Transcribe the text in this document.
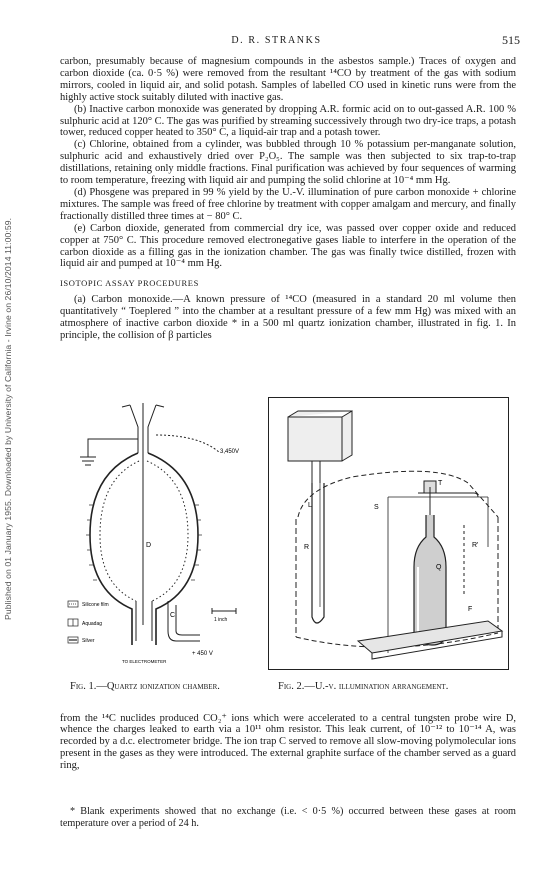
Published on 01 January 1955. Downloaded by University of California - Irvine on 26/10/2014 11:00:59.
D. R. STRANKS	515

carbon, presumably because of magnesium compounds in the asbestos sample.) Traces of oxygen and carbon dioxide (ca. 0·5 %) were removed from the resultant ¹⁴CO by treatment of the gas with sodium mirrors, cooled in liquid air, and solid potash. Samples of labelled CO used in kinetic runs were from the highly active stock suitably diluted with inactive gas.

(b) Inactive carbon monoxide was generated by dropping A.R. formic acid on to out-gassed A.R. 100 % sulphuric acid at 120° C. The gas was purified by streaming successively through two dry-ice traps, a potash tower, reduced copper heated to 350° C, a liquid-air trap and a potash tower.

(c) Chlorine, obtained from a cylinder, was bubbled through 10 % potassium per-manganate solution, sulphuric acid and exhaustively dried over P₂O₅. The sample was then subjected to six trap-to-trap distillations, retaining only middle fractions. Final purification was achieved by four sequences of warming to room temperature, freezing with liquid air and pumping the solid chlorine at 10⁻⁴ mm Hg.

(d) Phosgene was prepared in 99 % yield by the U.-V. illumination of pure carbon monoxide + chlorine mixtures. The sample was freed of free chlorine by treatment with copper amalgam and mercury, and finally fractionally distilled three times at − 80° C.

(e) Carbon dioxide, generated from commercial dry ice, was passed over copper oxide and reduced copper at 750° C. This procedure removed electronegative gases liable to interfere in the operation of the carbon dioxide as a filling gas in the ionization chamber. The gas was finally twice distilled, frozen with liquid air and pumped at 10⁻⁴ mm Hg.

ISOTOPIC ASSAY PROCEDURES

(a) Carbon monoxide.—A known pressure of ¹⁴CO (measured in a standard 20 ml volume then quantitatively “ Toeplered ” into the chamber at a resultant pressure of a few mm Hg) was mixed with an atmosphere of inactive carbon dioxide * in a 500 ml quartz ionization chamber, illustrated in fig. 1. In principle, the collision of β particles

3,450V
D
C
1 inch
+ 450 V
TO ELECTROMETER
Silicone film
Aquadag
Silver
L	S
R
Q
R'
F
T
Fig. 1.—Quartz ionization chamber.	Fig. 2.—U.-v. illumination arrangement.

from the ¹⁴C nuclides produced CO₂⁺ ions which were accelerated to a central tungsten probe wire D, whence the charges leaked to earth via a 10¹¹ ohm resistor. This leak current, of 10⁻¹² to 10⁻¹⁴ A, was recorded by a d.c. electrometer bridge. The ion trap C served to remove all slow-moving polymolecular ions present in the gases as they were introduced. The external graphite surface of the chamber served as a guard ring,

* Blank experiments showed that no exchange (i.e. < 0·5 %) occurred between these gases at room temperature over a period of 24 h.
